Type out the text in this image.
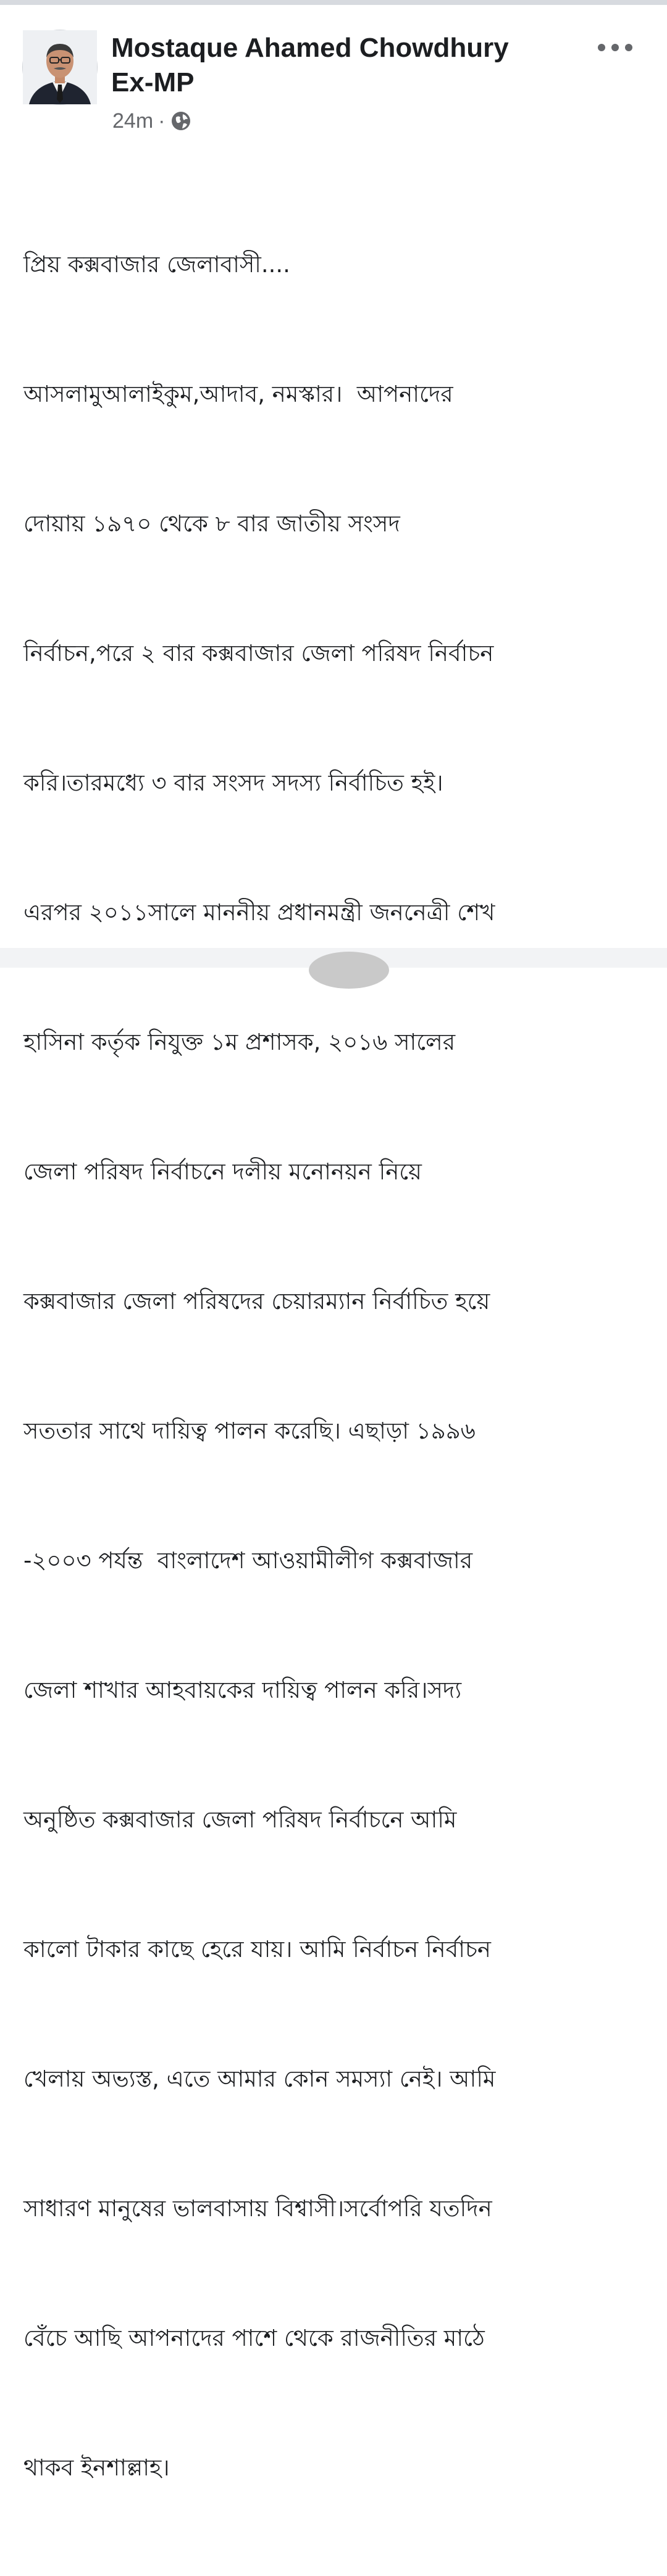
Mostaque Ahamed Chowdhury
Ex-MP
24m ·

প্রিয় কক্সবাজার জেলাবাসী....

আসলামুআলাইকুম,আদাব, নমস্কার।  আপনাদের

দোয়ায় ১৯৭০ থেকে ৮ বার জাতীয় সংসদ

নির্বাচন,পরে ২ বার কক্সবাজার জেলা পরিষদ নির্বাচন

করি।তারমধ্যে ৩ বার সংসদ সদস্য নির্বাচিত হই।

এরপর ২০১১সালে মাননীয় প্রধানমন্ত্রী জননেত্রী শেখ

হাসিনা কর্তৃক নিযুক্ত ১ম প্রশাসক, ২০১৬ সালের

জেলা পরিষদ নির্বাচনে দলীয় মনোনয়ন নিয়ে

কক্সবাজার জেলা পরিষদের চেয়ারম্যান নির্বাচিত হয়ে

সততার সাথে দায়িত্ব পালন করেছি। এছাড়া ১৯৯৬

-২০০৩ পর্যন্ত  বাংলাদেশ আওয়ামীলীগ কক্সবাজার

জেলা শাখার আহবায়কের দায়িত্ব পালন করি।সদ্য

অনুষ্ঠিত কক্সবাজার জেলা পরিষদ নির্বাচনে আমি

কালো টাকার কাছে হেরে যায়। আমি নির্বাচন নির্বাচন

খেলায় অভ্যস্ত, এতে আমার কোন সমস্যা নেই। আমি

সাধারণ মানুষের ভালবাসায় বিশ্বাসী।সর্বোপরি যতদিন

বেঁচে আছি আপনাদের পাশে থেকে রাজনীতির মাঠে

থাকব ইনশাল্লাহ।
